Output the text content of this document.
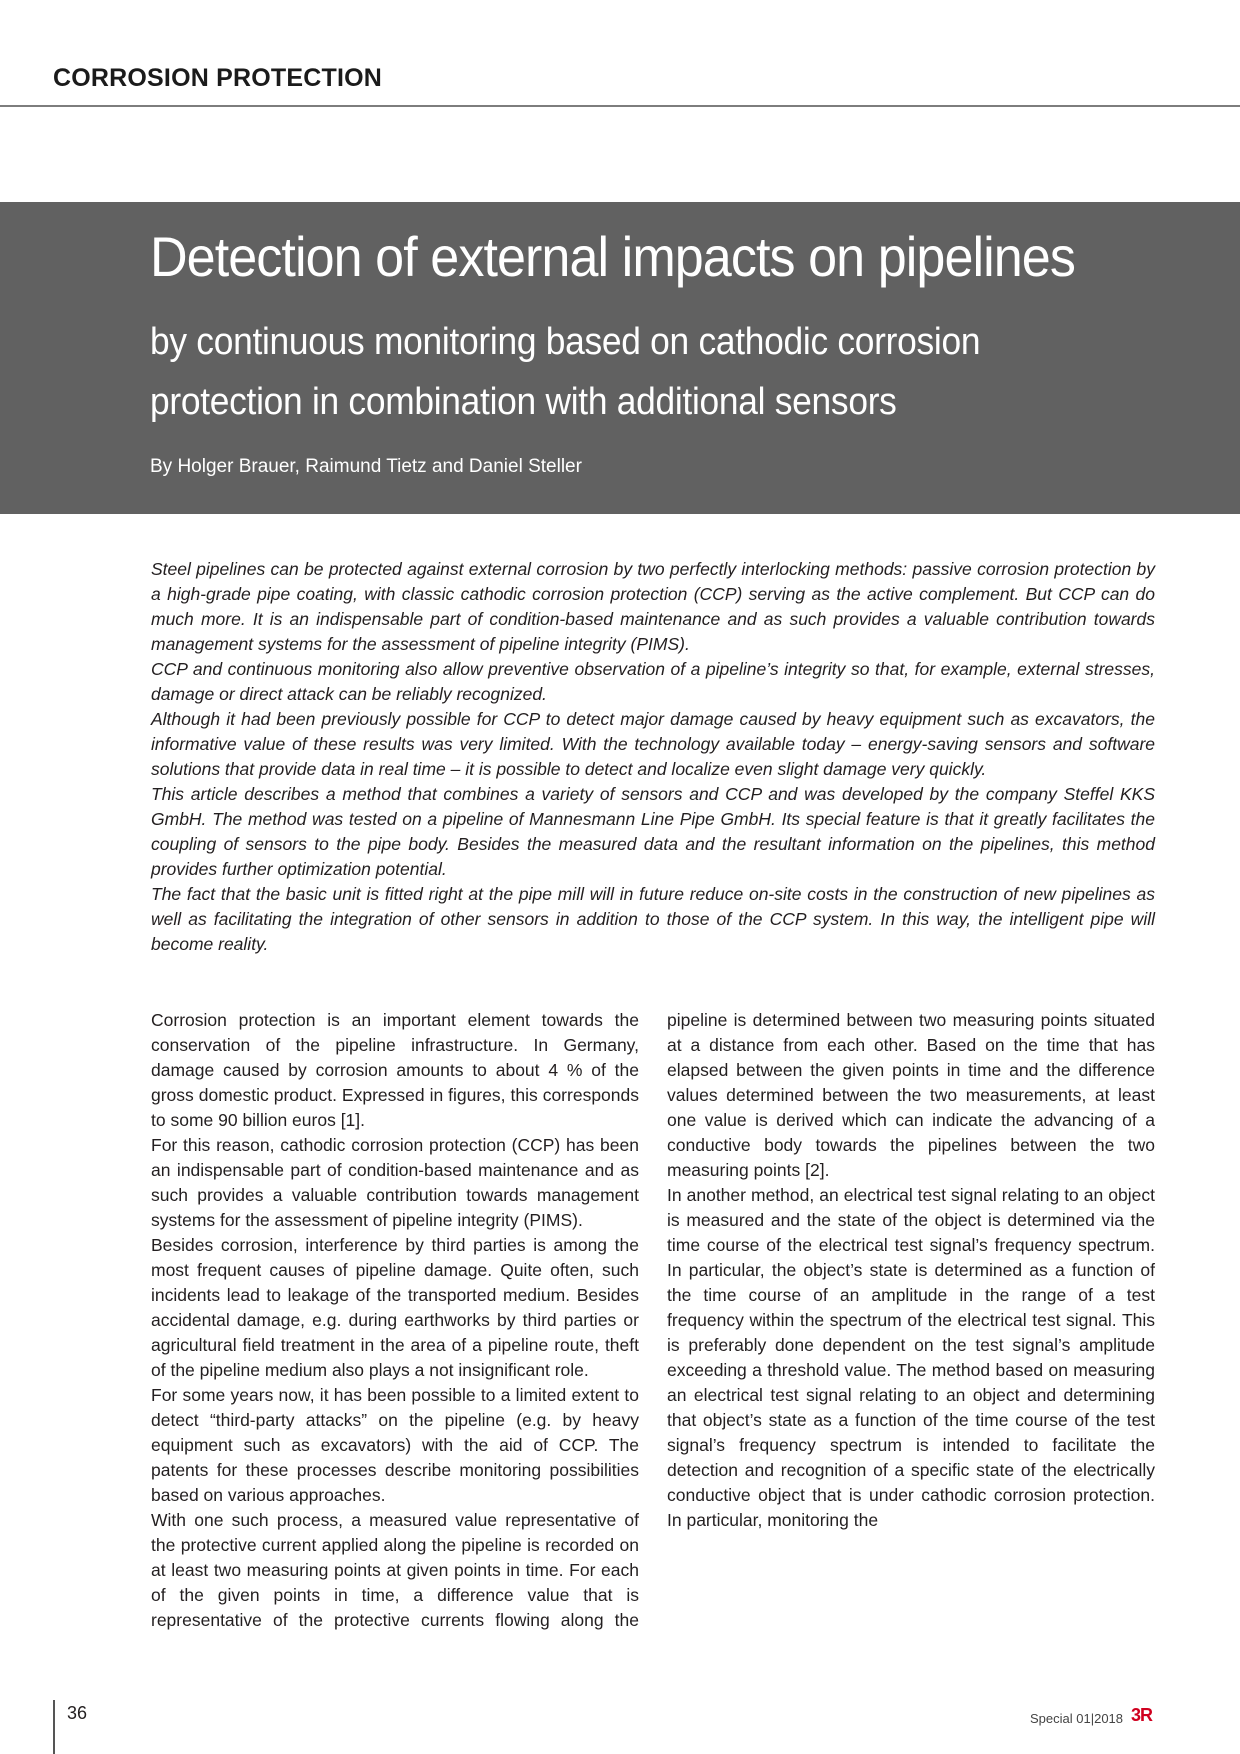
CORROSION PROTECTION
Detection of external impacts on pipelines
by continuous monitoring based on cathodic corrosion protection in combination with additional sensors
By Holger Brauer, Raimund Tietz and Daniel Steller

Steel pipelines can be protected against external corrosion by two perfectly interlocking methods: passive corrosion protection by a high-grade pipe coating, with classic cathodic corrosion protection (CCP) serving as the active complement. But CCP can do much more. It is an indispensable part of condition-based maintenance and as such provides a valuable contribution towards management systems for the assessment of pipeline integrity (PIMS).

CCP and continuous monitoring also allow preventive observation of a pipeline’s integrity so that, for example, external stresses, damage or direct attack can be reliably recognized.

Although it had been previously possible for CCP to detect major damage caused by heavy equipment such as excavators, the informative value of these results was very limited. With the technology available today – energy-saving sensors and software solutions that provide data in real time – it is possible to detect and localize even slight damage very quickly.

This article describes a method that combines a variety of sensors and CCP and was developed by the company Steffel KKS GmbH. The method was tested on a pipeline of Mannesmann Line Pipe GmbH. Its special feature is that it greatly facilitates the coupling of sensors to the pipe body. Besides the measured data and the resultant information on the pipelines, this method provides further optimization potential.

The fact that the basic unit is fitted right at the pipe mill will in future reduce on-site costs in the construction of new pipelines as well as facilitating the integration of other sensors in addition to those of the CCP system. In this way, the intelligent pipe will become reality.

Corrosion protection is an important element towards the conservation of the pipeline infrastructure. In Germany, damage caused by corrosion amounts to about 4 % of the gross domestic product. Expressed in figures, this corresponds to some 90 billion euros [1].

For this reason, cathodic corrosion protection (CCP) has been an indispensable part of condition-based maintenance and as such provides a valuable contribution towards management systems for the assessment of pipeline integrity (PIMS).

Besides corrosion, interference by third parties is among the most frequent causes of pipeline damage. Quite often, such incidents lead to leakage of the transported medium. Besides accidental damage, e.g. during earthworks by third parties or agricultural field treatment in the area of a pipeline route, theft of the pipeline medium also plays a not insignificant role.

For some years now, it has been possible to a limited extent to detect “third-party attacks” on the pipeline (e.g. by heavy equipment such as excavators) with the aid of CCP. The patents for these processes describe monitoring possibilities based on various approaches.

With one such process, a measured value representative of the protective current applied along the pipeline is recorded on at least two measuring points at given points in time. For each of the given points in time, a difference value that is representative of the protective currents flowing along the pipeline is determined between two measuring points situated at a distance from each other. Based on the time that has elapsed between the given points in time and the difference values determined between the two measurements, at least one value is derived which can indicate the advancing of a conductive body towards the pipelines between the two measuring points [2].

In another method, an electrical test signal relating to an object is measured and the state of the object is determined via the time course of the electrical test signal’s frequency spectrum. In particular, the object’s state is determined as a function of the time course of an amplitude in the range of a test frequency within the spectrum of the electrical test signal. This is preferably done dependent on the test signal’s amplitude exceeding a threshold value. The method based on measuring an electrical test signal relating to an object and determining that object’s state as a function of the time course of the test signal’s frequency spectrum is intended to facilitate the detection and recognition of a specific state of the electrically conductive object that is under cathodic corrosion protection. In particular, monitoring the

36	Special 01|2018 3R
